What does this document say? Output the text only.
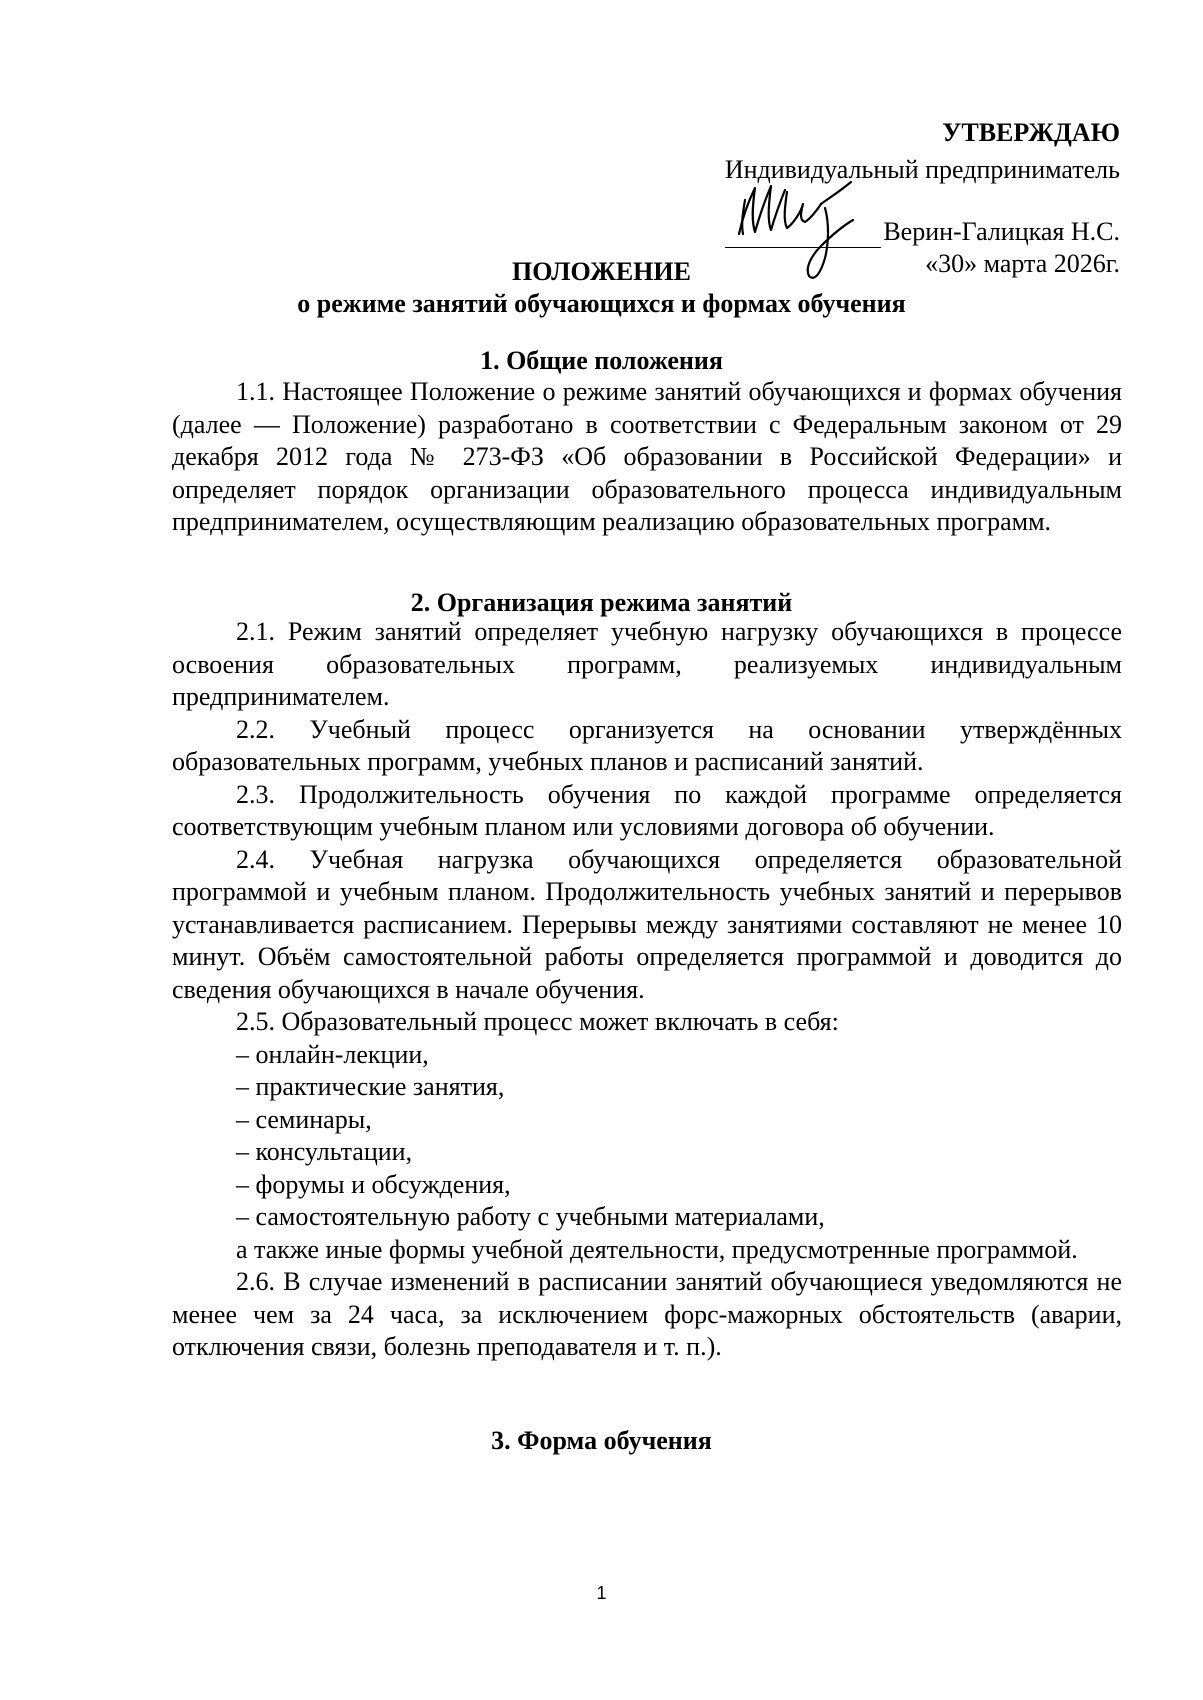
УТВЕРЖДАЮ
Индивидуальный предприниматель
Верин-Галицкая Н.С.
«30» марта 2026г.
ПОЛОЖЕНИЕ
о режиме занятий обучающихся и формах обучения
1. Общие положения

1.1. Настоящее Положение о режиме занятий обучающихся и формах обучения (далее — Положение) разработано в соответствии с Федеральным законом от 29 декабря 2012 года № 273-ФЗ «Об образовании в Российской Федерации» и определяет порядок организации образовательного процесса индивидуальным предпринимателем, осуществляющим реализацию образовательных программ.

2. Организация режима занятий

2.1. Режим занятий определяет учебную нагрузку обучающихся в процессе освоения образовательных программ, реализуемых индивидуальным предпринимателем.

2.2. Учебный процесс организуется на основании утверждённых образовательных программ, учебных планов и расписаний занятий.

2.3. Продолжительность обучения по каждой программе определяется соответствующим учебным планом или условиями договора об обучении.

2.4. Учебная нагрузка обучающихся определяется образовательной программой и учебным планом. Продолжительность учебных занятий и перерывов устанавливается расписанием. Перерывы между занятиями составляют не менее 10 минут. Объём самостоятельной работы определяется программой и доводится до сведения обучающихся в начале обучения.

2.5. Образовательный процесс может включать в себя:

– онлайн-лекции,

– практические занятия,

– семинары,

– консультации,

– форумы и обсуждения,

– самостоятельную работу с учебными материалами,

а также иные формы учебной деятельности, предусмотренные программой.

2.6. В случае изменений в расписании занятий обучающиеся уведомляются не менее чем за 24 часа, за исключением форс-мажорных обстоятельств (аварии, отключения связи, болезнь преподавателя и т. п.).

3. Форма обучения
1
